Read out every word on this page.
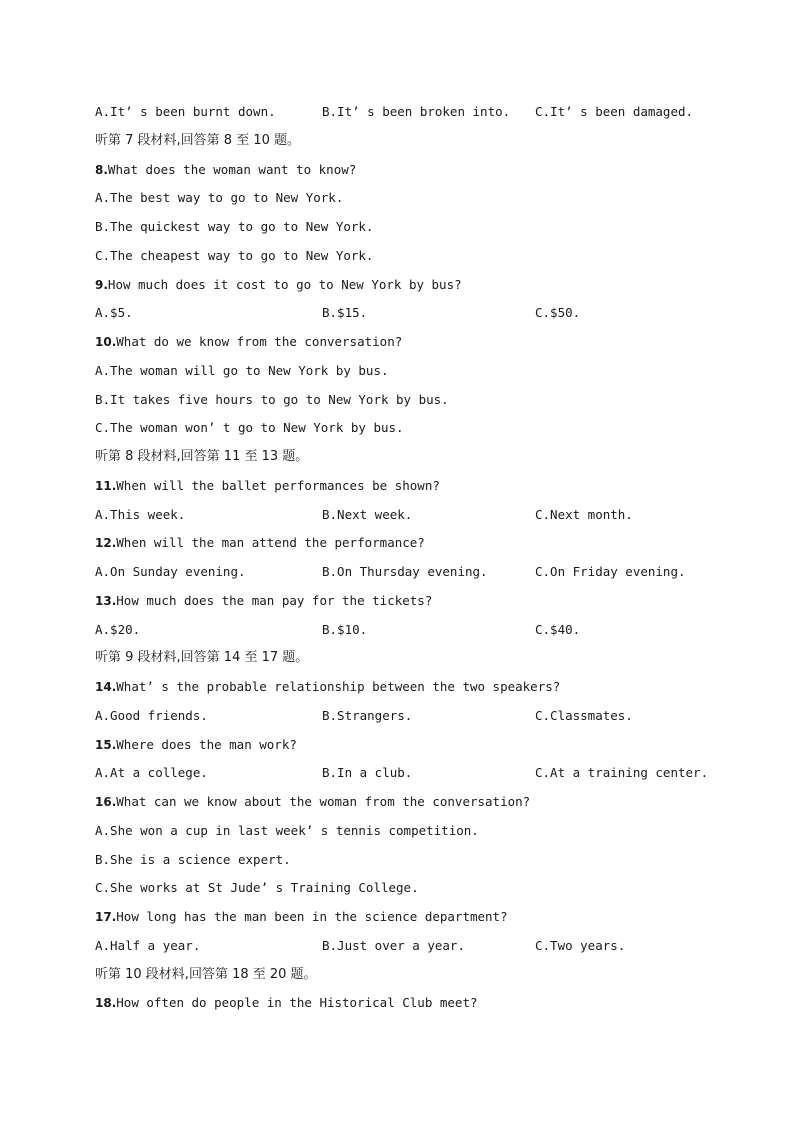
A.It’ s been burnt down.	B.It’ s been broken into. C.It’ s been damaged.
听第 7 段材料,回答第 8 至 10 题。
8.What does the woman want to know?
A.The best way to go to New York.
B.The quickest way to go to New York.
C.The cheapest way to go to New York.
9.How much does it cost to go to New York by bus?
A.$5.	B.$15.	C.$50.
10.What do we know from the conversation?
A.The woman will go to New York by bus.
B.It takes five hours to go to New York by bus.
C.The woman won’ t go to New York by bus.
听第 8 段材料,回答第 11 至 13 题。
11.When will the ballet performances be shown?
A.This week.	B.Next week.	C.Next month.
12.When will the man attend the performance?
A.On Sunday evening.	B.On Thursday evening.	C.On Friday evening.
13.How much does the man pay for the tickets?
A.$20.	B.$10.	C.$40.
听第 9 段材料,回答第 14 至 17 题。
14.What’ s the probable relationship between the two speakers?
A.Good friends.	B.Strangers.	C.Classmates.
15.Where does the man work?
A.At a college.	B.In a club.	C.At a training center.
16.What can we know about the woman from the conversation?
A.She won a cup in last week’ s tennis competition.
B.She is a science expert.
C.She works at St Jude’ s Training College.
17.How long has the man been in the science department?
A.Half a year.	B.Just over a year.	C.Two years.
听第 10 段材料,回答第 18 至 20 题。
18.How often do people in the Historical Club meet?
